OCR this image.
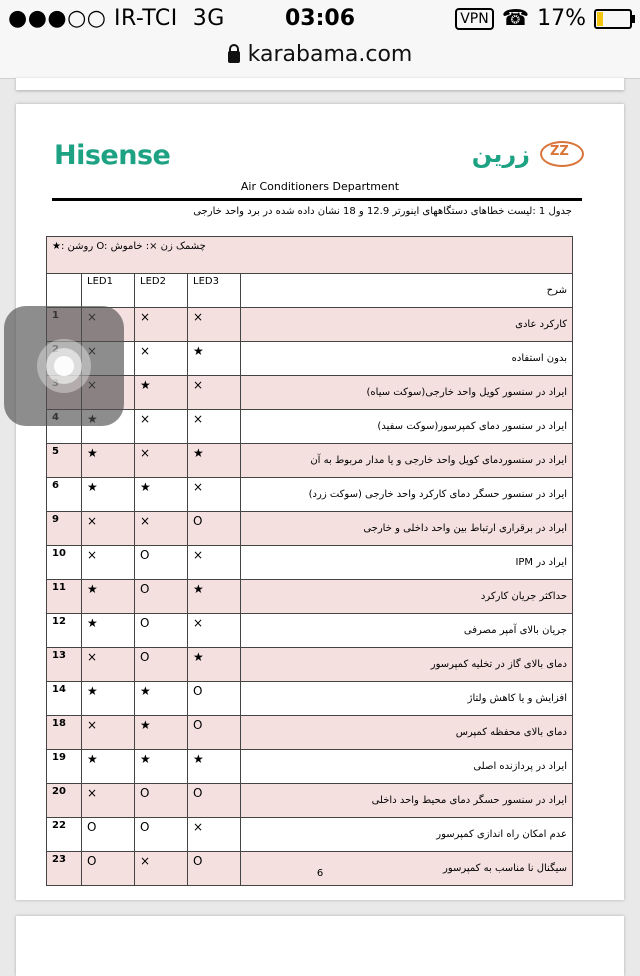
●●●○○ IR-TCI 3G	03:06	VPN ☎ 17%
karabama.com
Hisense	زرین
ZZ
Air Conditioners Department
جدول 1 :لیست خطاهای دستگاههای اینورتر 12.9 و 18 نشان داده شده در برد واحد خارجی
★: روشن O: چشمک زن ×: خاموش				
	LED1	LED2	LED3	شرح
		×	×	کارکرد عادی
		×	★	بدون استفاده
		★	×	ایراد در سنسور کویل واحد خارجی(سوکت سیاه)
		×	×	ایراد در سنسور دمای کمپرسور(سوکت سفید)
5	★	×	★	ایراد در سنسوردمای کویل واحد خارجی و یا مدار مربوط به آن
6	★	★	×	ایراد در سنسور حسگر دمای کارکرد واحد خارجی (سوکت زرد)
9	×	×	O	ایراد در برقراری ارتباط بین واحد داخلی و خارجی
10	×	O	×	ایراد در IPM
11	★	O	★	حداکثر جریان کارکرد
12	★	O	×	جریان بالای آمپر مصرفی
13	×	O	★	دمای بالای گاز در تخلیه کمپرسور
14	★	★	O	افزایش و یا کاهش ولتاژ
18	×	★	O	دمای بالای محفظه کمپرس
19	★	★	★	ایراد در پردازنده اصلی
20	×	O	O	ایراد در سنسور حسگر دمای محیط واحد داخلی
22	O	O	×	عدم امکان راه اندازی کمپرسور
23	O	×	O	سیگنال نا مناسب به کمپرسور
6
